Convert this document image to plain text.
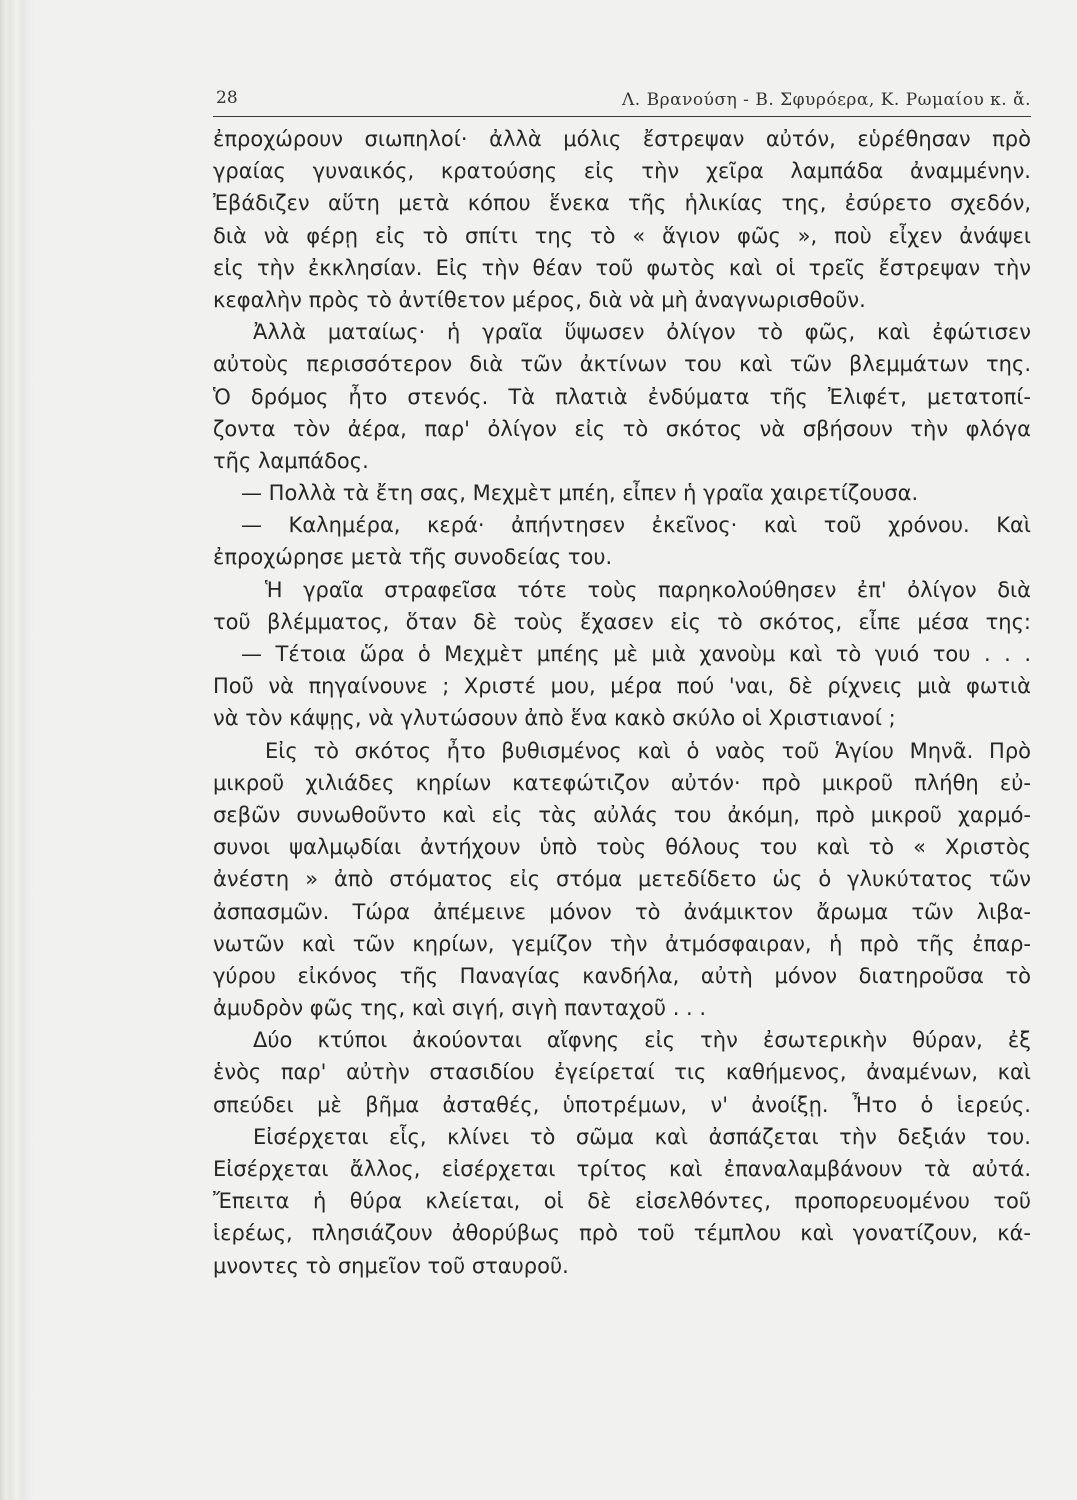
28	Λ. Βρανούση - Β. Σφυρόερα, Κ. Ρωμαίου κ. ἄ.
ἐπροχώρουν σιωπηλοί· ἀλλὰ μόλις ἔστρεψαν αὐτόν, εὑρέθησαν πρὸ
γραίας γυναικός, κρατούσης εἰς τὴν χεῖρα λαμπάδα ἀναμμένην.
Ἐβάδιζεν αὕτη μετὰ κόπου ἕνεκα τῆς ἡλικίας της, ἐσύρετο σχεδόν,
διὰ νὰ φέρῃ εἰς τὸ σπίτι της τὸ « ἅγιον φῶς », ποὺ εἶχεν ἀνάψει
εἰς τὴν ἐκκλησίαν. Εἰς τὴν θέαν τοῦ φωτὸς καὶ οἱ τρεῖς ἔστρεψαν τὴν
κεφαλὴν πρὸς τὸ ἀντίθετον μέρος, διὰ νὰ μὴ ἀναγνωρισθοῦν.
Ἀλλὰ ματαίως· ἡ γραῖα ὕψωσεν ὀλίγον τὸ φῶς, καὶ ἐφώτισεν
αὐτοὺς περισσότερον διὰ τῶν ἀκτίνων του καὶ τῶν βλεμμάτων της.
Ὁ δρόμος ἦτο στενός. Τὰ πλατιὰ ἐνδύματα τῆς Ἐλιφέτ, μετατοπί-
ζοντα τὸν ἀέρα, παρ' ὀλίγον εἰς τὸ σκότος νὰ σβήσουν τὴν φλόγα
τῆς λαμπάδος.
— Πολλὰ τὰ ἔτη σας, Μεχμὲτ μπέη, εἶπεν ἡ γραῖα χαιρετίζουσα.
— Καλημέρα, κερά· ἀπήντησεν ἐκεῖνος· καὶ τοῦ χρόνου. Καὶ
ἐπροχώρησε μετὰ τῆς συνοδείας του.
Ἡ γραῖα στραφεῖσα τότε τοὺς παρηκολούθησεν ἐπ' ὀλίγον διὰ
τοῦ βλέμματος, ὅταν δὲ τοὺς ἔχασεν εἰς τὸ σκότος, εἶπε μέσα της:
— Τέτοια ὥρα ὁ Μεχμὲτ μπέης μὲ μιὰ χανοὺμ καὶ τὸ γυιό του . . .
Ποῦ νὰ πηγαίνουνε ; Χριστέ μου, μέρα πού 'ναι, δὲ ρίχνεις μιὰ φωτιὰ
νὰ τὸν κάψῃς, νὰ γλυτώσουν ἀπὸ ἕνα κακὸ σκύλο οἱ Χριστιανοί ;
Εἰς τὸ σκότος ἦτο βυθισμένος καὶ ὁ ναὸς τοῦ Ἁγίου Μηνᾶ. Πρὸ
μικροῦ χιλιάδες κηρίων κατεφώτιζον αὐτόν· πρὸ μικροῦ πλήθη εὐ-
σεβῶν συνωθοῦντο καὶ εἰς τὰς αὐλάς του ἀκόμη, πρὸ μικροῦ χαρμό-
συνοι ψαλμῳδίαι ἀντήχουν ὑπὸ τοὺς θόλους του καὶ τὸ « Χριστὸς
ἀνέστη » ἀπὸ στόματος εἰς στόμα μετεδίδετο ὡς ὁ γλυκύτατος τῶν
ἀσπασμῶν. Τώρα ἀπέμεινε μόνον τὸ ἀνάμικτον ἄρωμα τῶν λιβα-
νωτῶν καὶ τῶν κηρίων, γεμίζον τὴν ἀτμόσφαιραν, ἡ πρὸ τῆς ἐπαρ-
γύρου εἰκόνος τῆς Παναγίας κανδήλα, αὐτὴ μόνον διατηροῦσα τὸ
ἀμυδρὸν φῶς της, καὶ σιγή, σιγὴ πανταχοῦ . . .
Δύο κτύποι ἀκούονται αἴφνης εἰς τὴν ἐσωτερικὴν θύραν, ἐξ
ἑνὸς παρ' αὐτὴν στασιδίου ἐγείρεταί τις καθήμενος, ἀναμένων, καὶ
σπεύδει μὲ βῆμα ἀσταθές, ὑποτρέμων, ν' ἀνοίξῃ. Ἦτο ὁ ἱερεύς.
Εἰσέρχεται εἷς, κλίνει τὸ σῶμα καὶ ἀσπάζεται τὴν δεξιάν του.
Εἰσέρχεται ἄλλος, εἰσέρχεται τρίτος καὶ ἐπαναλαμβάνουν τὰ αὐτά.
Ἔπειτα ἡ θύρα κλείεται, οἱ δὲ εἰσελθόντες, προπορευομένου τοῦ
ἱερέως, πλησιάζουν ἀθορύβως πρὸ τοῦ τέμπλου καὶ γονατίζουν, κά-
μνοντες τὸ σημεῖον τοῦ σταυροῦ.
